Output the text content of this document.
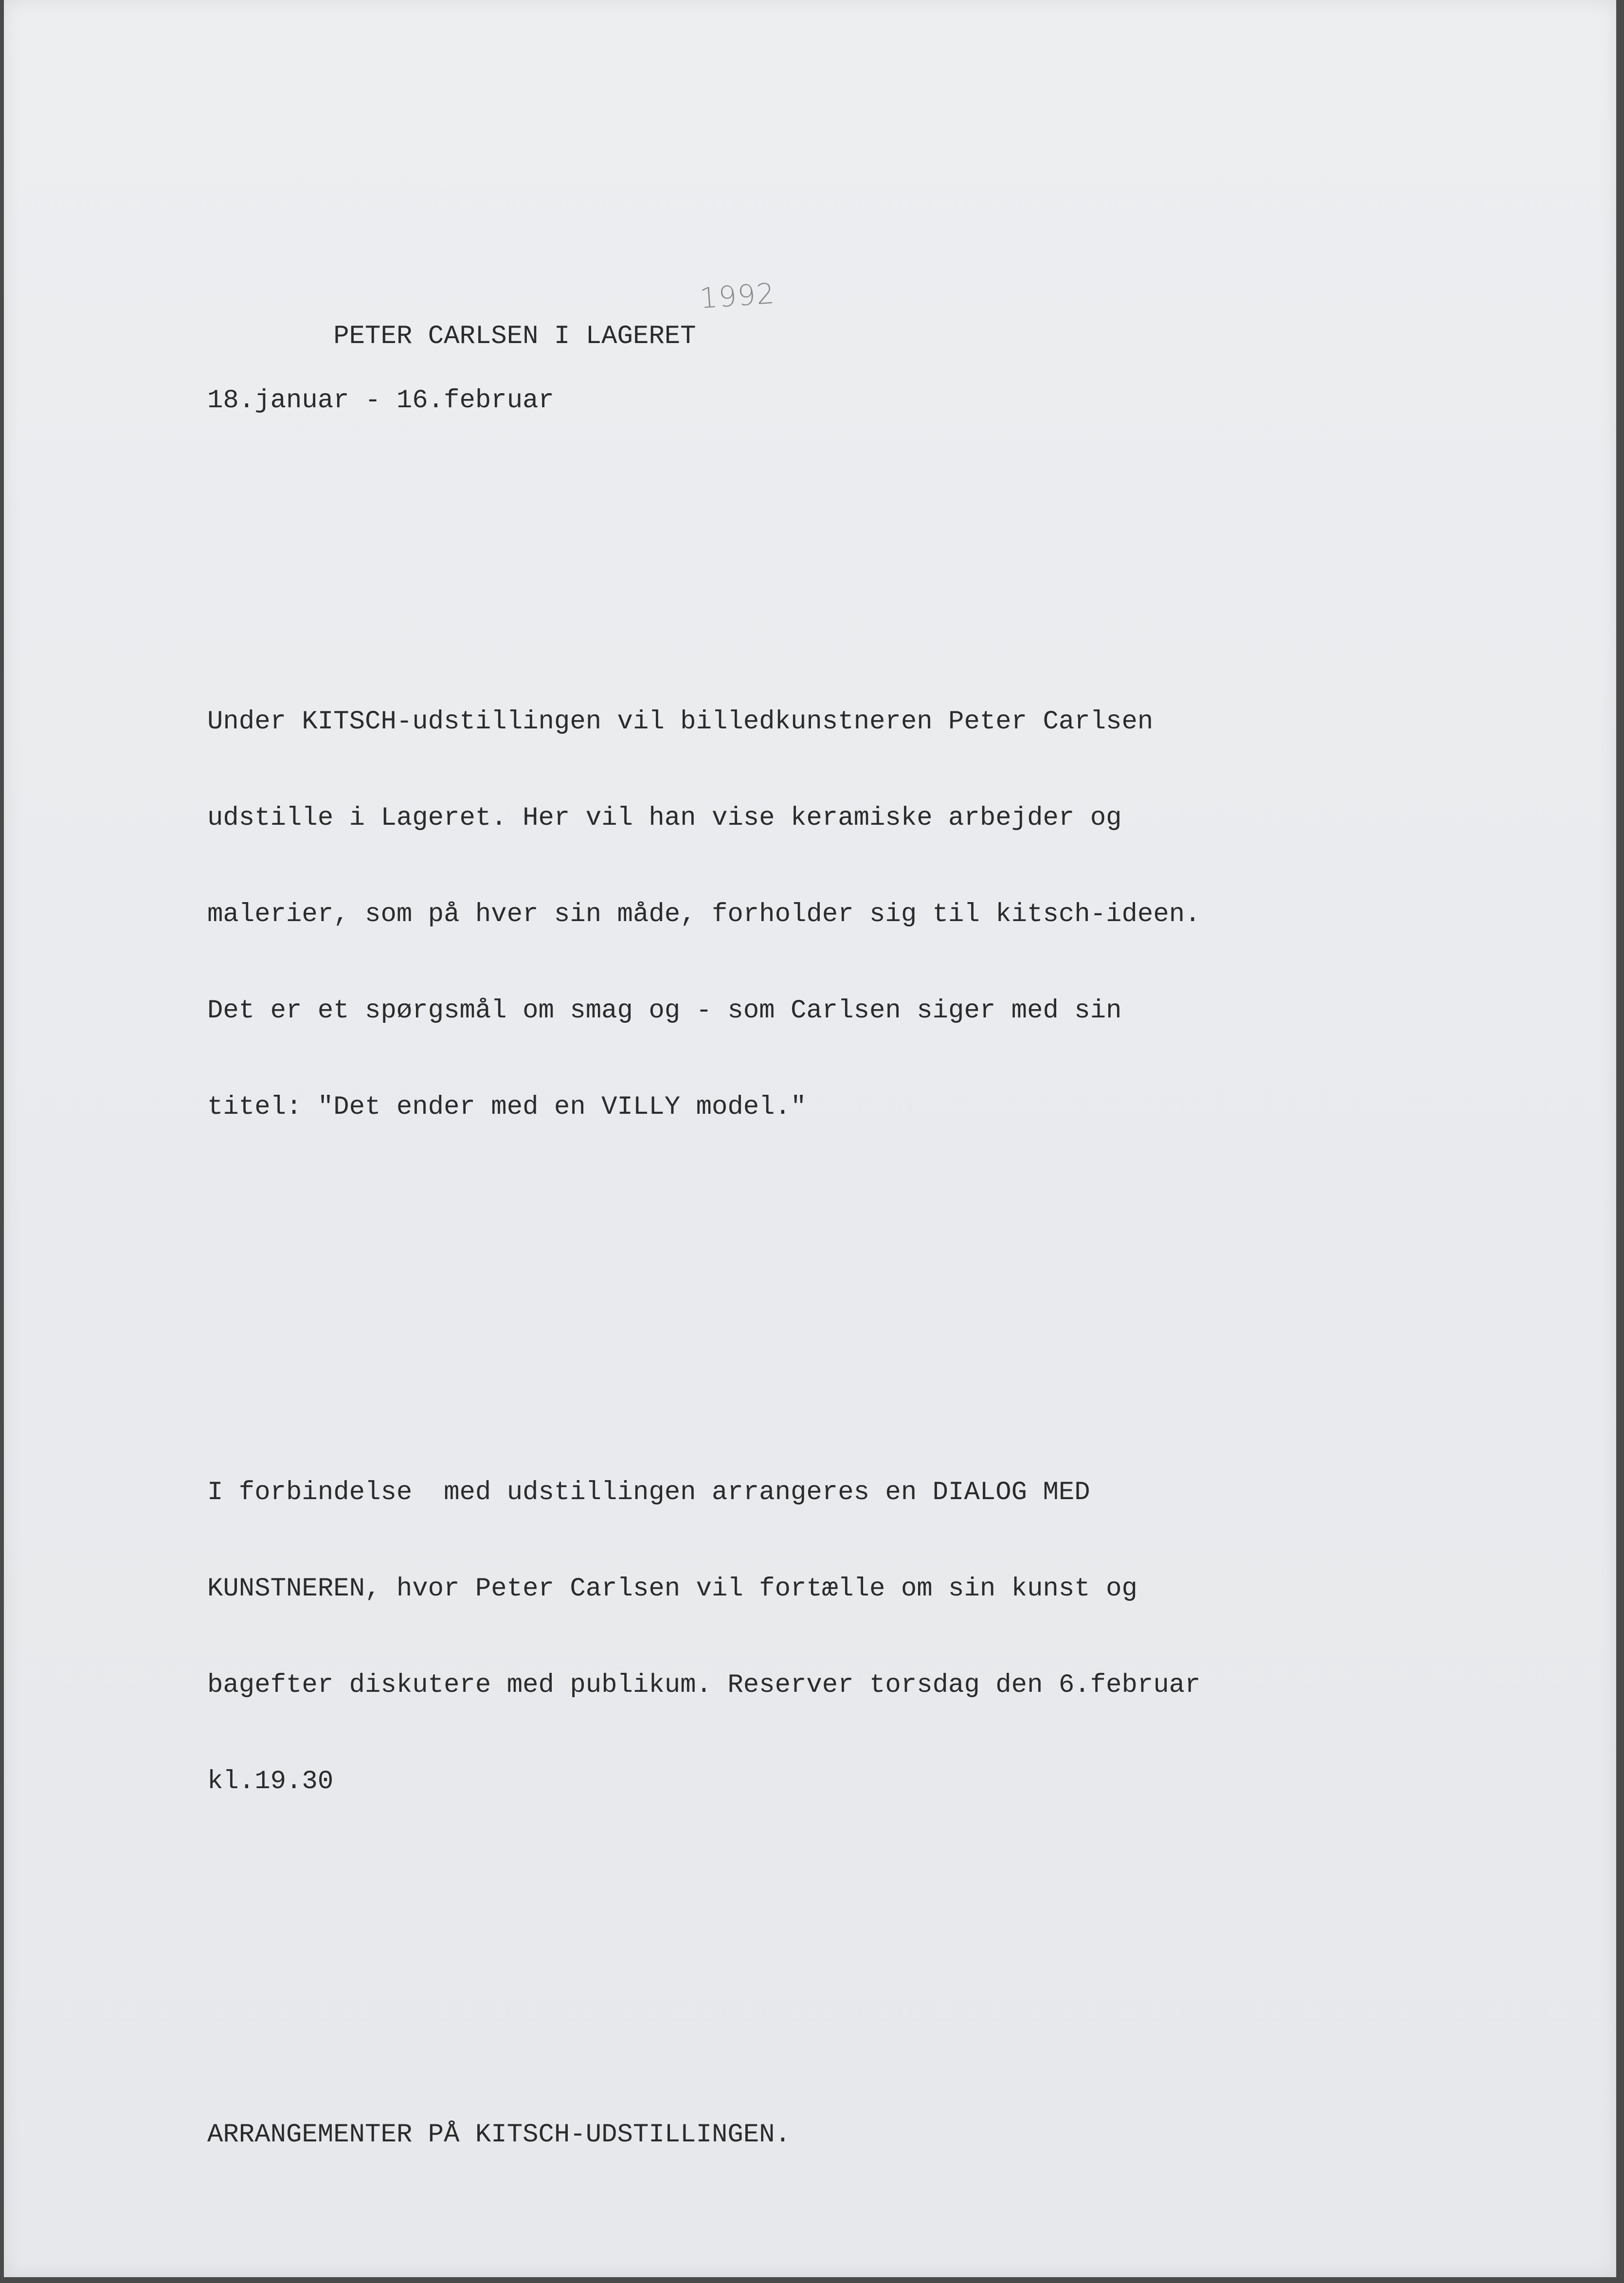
PETER CARLSEN I LAGERET

1992

18.januar - 16.februar

Under KITSCH-udstillingen vil billedkunstneren Peter Carlsen

udstille i Lageret. Her vil han vise keramiske arbejder og

malerier, som på hver sin måde, forholder sig til kitsch-ideen.

Det er et spørgsmål om smag og - som Carlsen siger med sin

titel: "Det ender med en VILLY model."

I forbindelse  med udstillingen arrangeres en DIALOG MED

KUNSTNEREN, hvor Peter Carlsen vil fortælle om sin kunst og

bagefter diskutere med publikum. Reserver torsdag den 6.februar

kl.19.30

ARRANGEMENTER PÅ KITSCH-UDSTILLINGEN.
